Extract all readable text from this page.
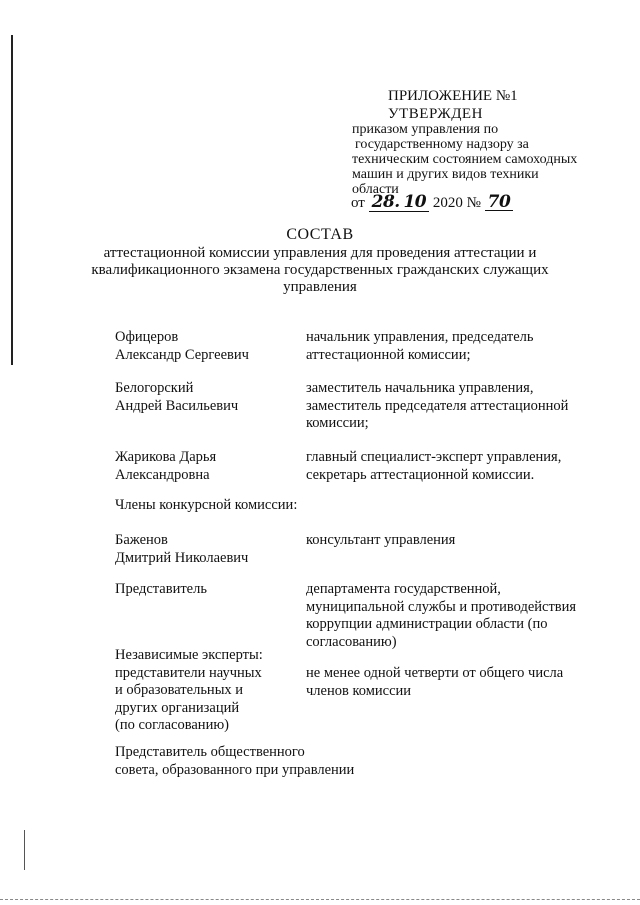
ПРИЛОЖЕНИЕ №1
УТВЕРЖДЕН
приказом управления по
государственному надзору за
техническим состоянием самоходных
машин и других видов техники
области
от 28. 10 2020 № 70
СОСТАВ
аттестационной комиссии управления для проведения аттестации и
квалификационного экзамена государственных гражданских служащих
управления
Офицеров
Александр Сергеевич
начальник управления, председатель
аттестационной комиссии;
Белогорский
Андрей Васильевич
заместитель начальника управления,
заместитель председателя аттестационной
комиссии;
Жарикова Дарья
Александровна
главный специалист-эксперт управления,
секретарь аттестационной комиссии.
Члены конкурсной комиссии:
Баженов
Дмитрий Николаевич
консультант управления
Представитель	департамента государственной,
муниципальной службы и противодействия
коррупции администрации области (по
согласованию)
Независимые эксперты:
представители научных
и образовательных и
других организаций
(по согласованию)
не менее одной четверти от общего числа
членов комиссии
Представитель общественного
совета, образованного при управлении
